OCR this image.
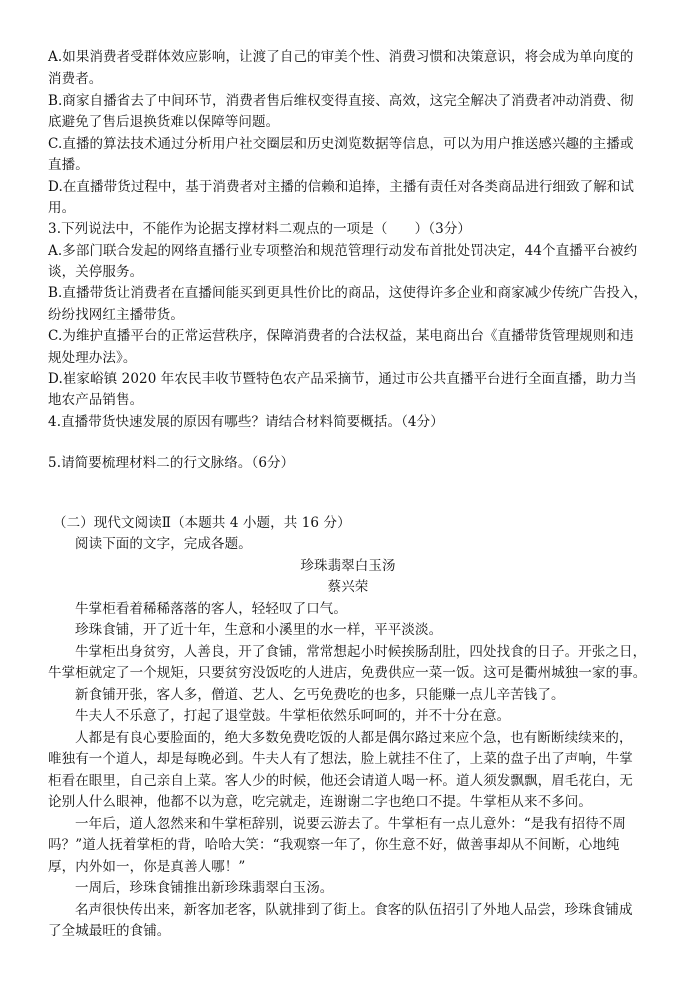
A.如果消费者受群体效应影响，让渡了自己的审美个性、消费习惯和决策意识，将会成为单向度的
消费者。
B.商家自播省去了中间环节，消费者售后维权变得直接、高效，这完全解决了消费者冲动消费、彻
底避免了售后退换货难以保障等问题。
C.直播的算法技术通过分析用户社交圈层和历史浏览数据等信息，可以为用户推送感兴趣的主播或
直播。
D.在直播带货过程中，基于消费者对主播的信赖和追捧，主播有责任对各类商品进行细致了解和试
用。
3.下列说法中，不能作为论据支撑材料二观点的一项是（　　）（3分）
A.多部门联合发起的网络直播行业专项整治和规范管理行动发布首批处罚决定，44个直播平台被约
谈，关停服务。
B.直播带货让消费者在直播间能买到更具性价比的商品，这使得许多企业和商家减少传统广告投入，
纷纷找网红主播带货。
C.为维护直播平台的正常运营秩序，保障消费者的合法权益，某电商出台《直播带货管理规则和违
规处理办法》。
D.崔家峪镇 2020 年农民丰收节暨特色农产品采摘节，通过市公共直播平台进行全面直播，助力当
地农产品销售。
4.直播带货快速发展的原因有哪些？请结合材料简要概括。（4分）
5.请简要梳理材料二的行文脉络。（6分）
（二）现代文阅读Ⅱ（本题共 4 小题，共 16 分）
阅读下面的文字，完成各题。
珍珠翡翠白玉汤
蔡兴荣
牛掌柜看着稀稀落落的客人，轻轻叹了口气。
珍珠食铺，开了近十年，生意和小溪里的水一样，平平淡淡。
牛掌柜出身贫穷，人善良，开了食铺，常常想起小时候挨肠刮肚，四处找食的日子。开张之日，
牛掌柜就定了一个规矩，只要贫穷没饭吃的人进店，免费供应一菜一饭。这可是衢州城独一家的事。
新食铺开张，客人多，僧道、艺人、乞丐免费吃的也多，只能赚一点儿辛苦钱了。
牛夫人不乐意了，打起了退堂鼓。牛掌柜依然乐呵呵的，并不十分在意。
人都是有良心要脸面的，绝大多数免费吃饭的人都是偶尔路过来应个急，也有断断续续来的，
唯独有一个道人，却是每晚必到。牛夫人有了想法，脸上就挂不住了，上菜的盘子出了声响，牛掌
柜看在眼里，自己亲自上菜。客人少的时候，他还会请道人喝一杯。道人须发飘飘，眉毛花白，无
论别人什么眼神，他都不以为意，吃完就走，连谢谢二字也绝口不提。牛掌柜从来不多问。
一年后，道人忽然来和牛掌柜辞别，说要云游去了。牛掌柜有一点儿意外：“是我有招待不周
吗？”道人抚着掌柜的背，哈哈大笑：“我观察一年了，你生意不好，做善事却从不间断，心地纯
厚，内外如一，你是真善人哪！”
一周后，珍珠食铺推出新珍珠翡翠白玉汤。
名声很快传出来，新客加老客，队就排到了街上。食客的队伍招引了外地人品尝，珍珠食铺成
了全城最旺的食铺。
